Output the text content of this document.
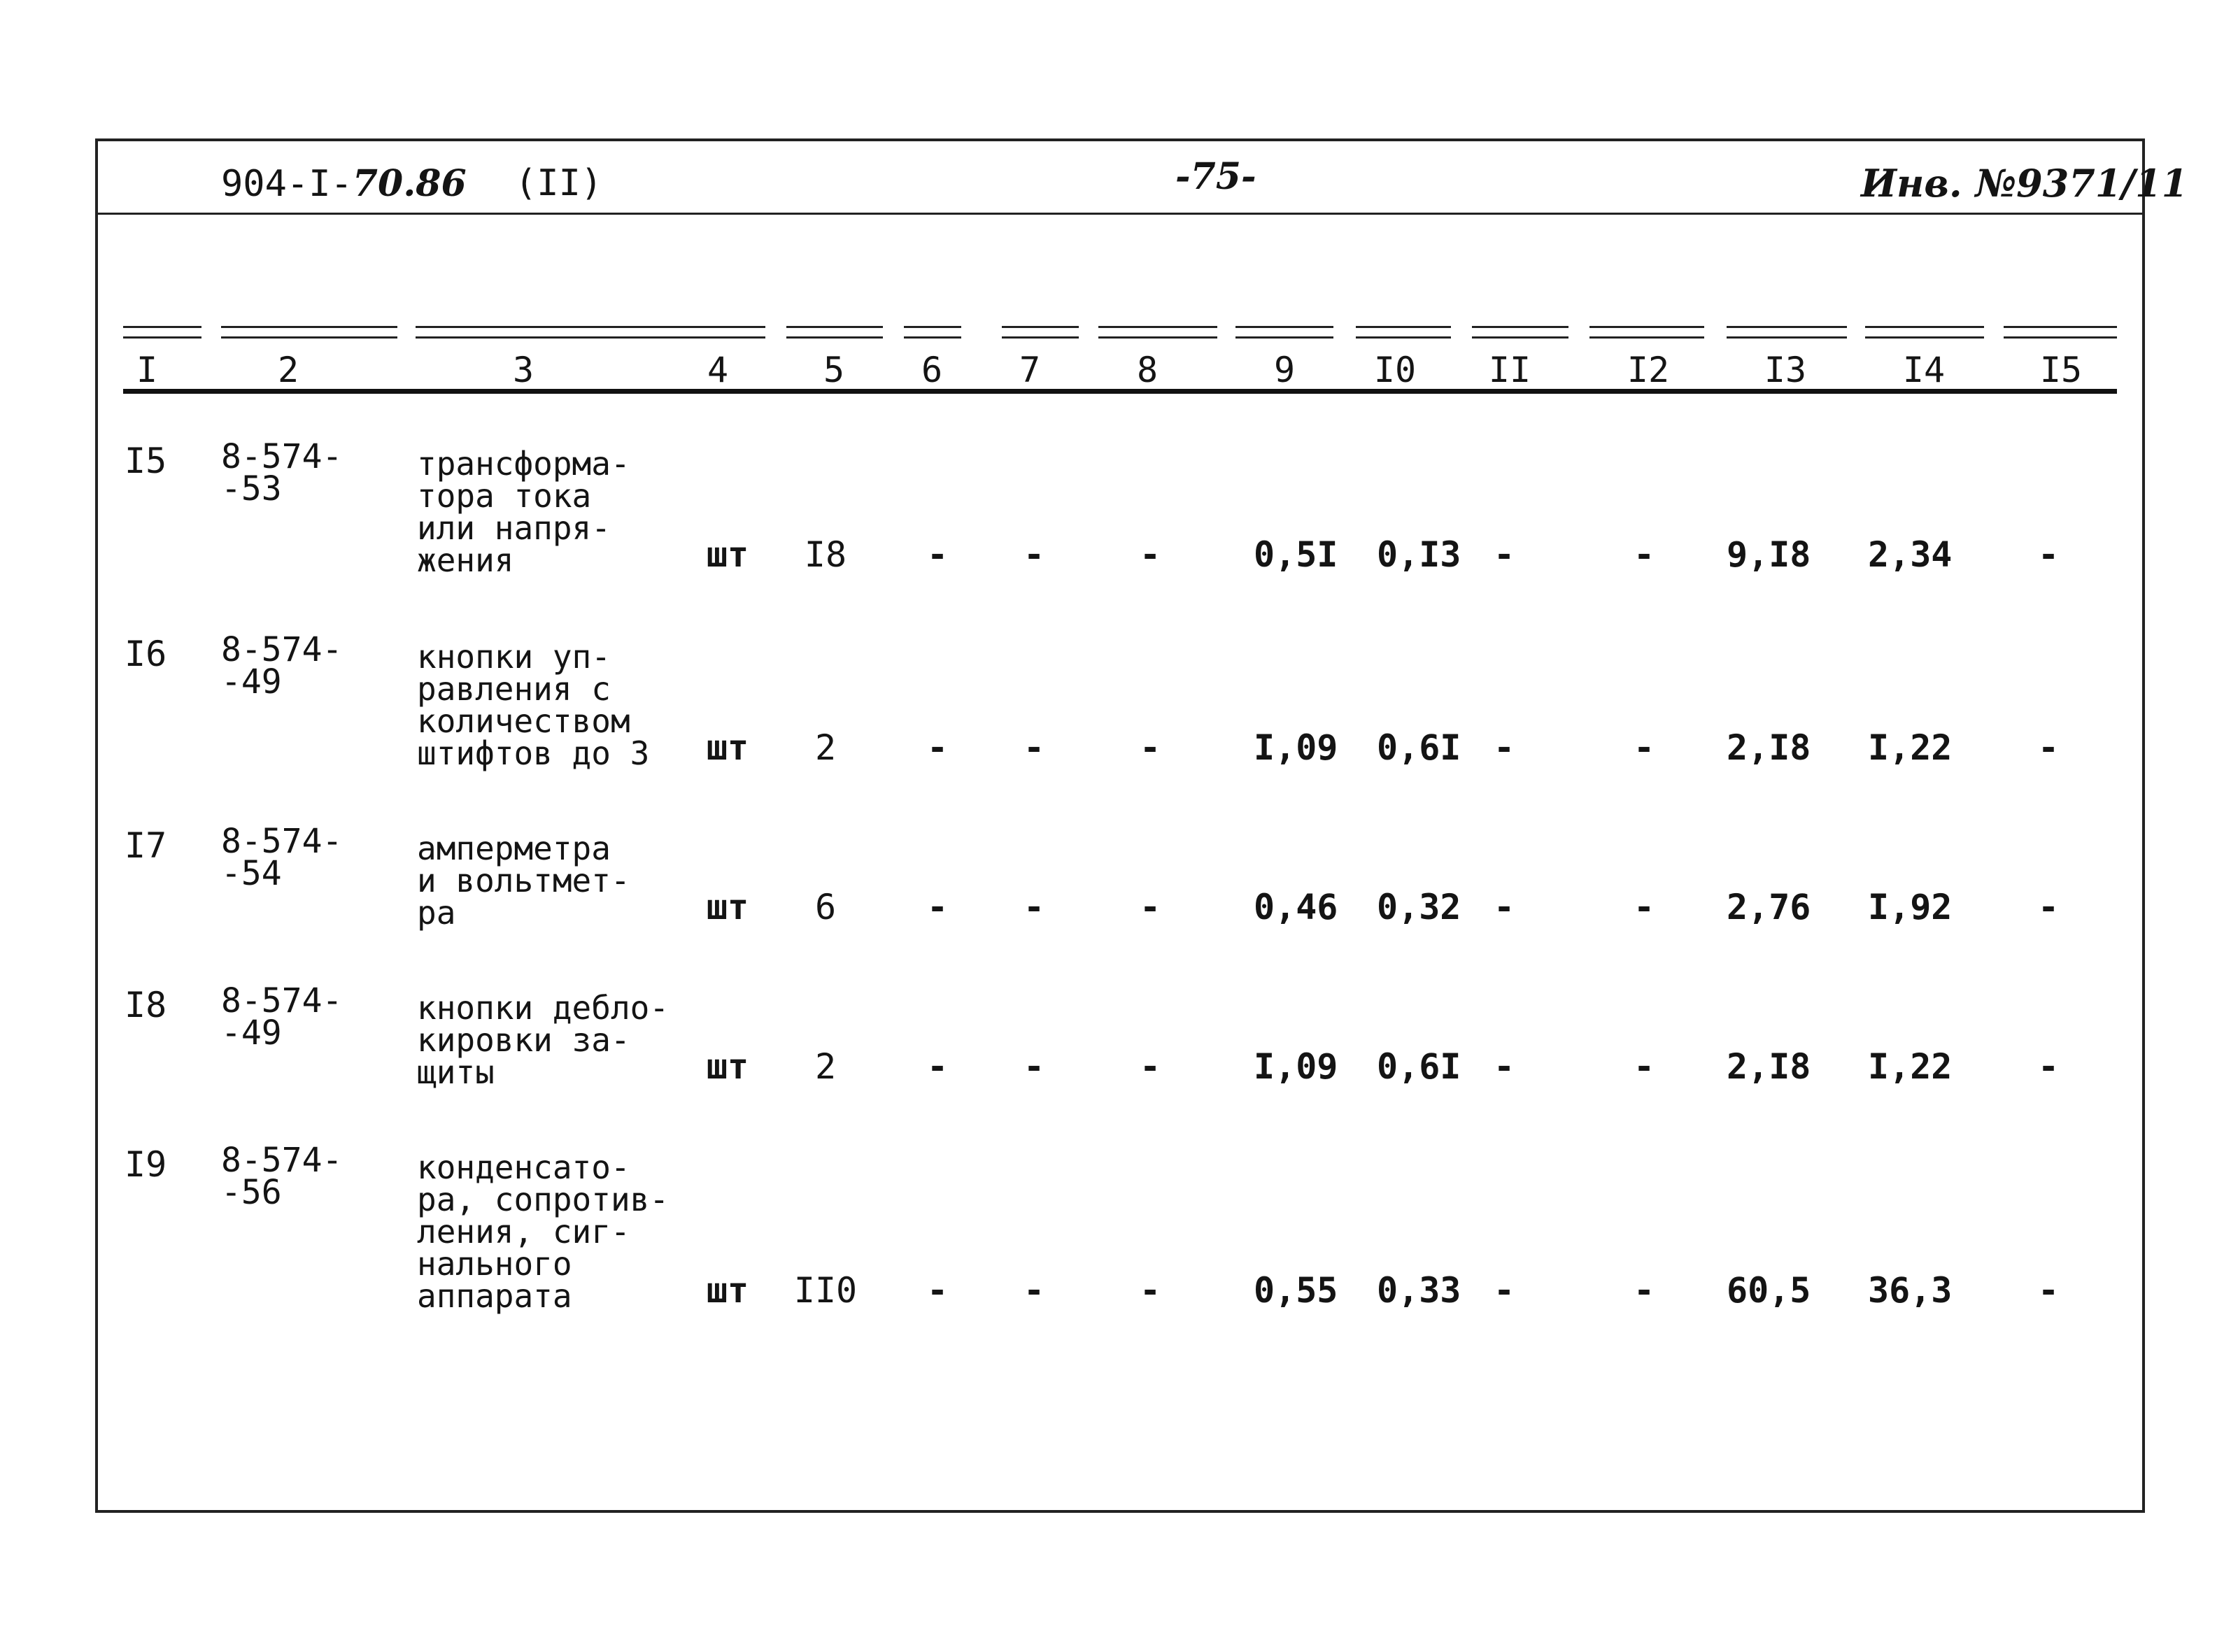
904-I-70.86 (II)	-75-	Инв. №9371/11
I	2	3	4	5	6	7	8	9	I0	II	I2	I3	I4	I5
I5 8-574-
-53
трансформа-
тора тока
или напря-
жения	шт	I8	-	-	-	0,5I 0,I3 -	-	9,I8 2,34	-
I6 8-574-
-49
кнопки уп-
равления с
количеством
штифтов до 3	шт	2	-	-	-	I,09 0,6I -	-	2,I8 I,22	-
I7 8-574-
-54
амперметра
и вольтмет-
ра	шт	6	-	-	-	0,46 0,32 -	-	2,76 I,92	-
I8 8-574-
-49
кнопки дебло-
кировки за-
щиты	шт	2	-	-	-	I,09 0,6I -	-	2,I8 I,22	-
I9 8-574-
-56
конденсато-
ра, сопротив-
ления, сиг-
нального
аппарата	шт	II0	-	-	-	0,55 0,33 -	-	60,5 36,3	-
